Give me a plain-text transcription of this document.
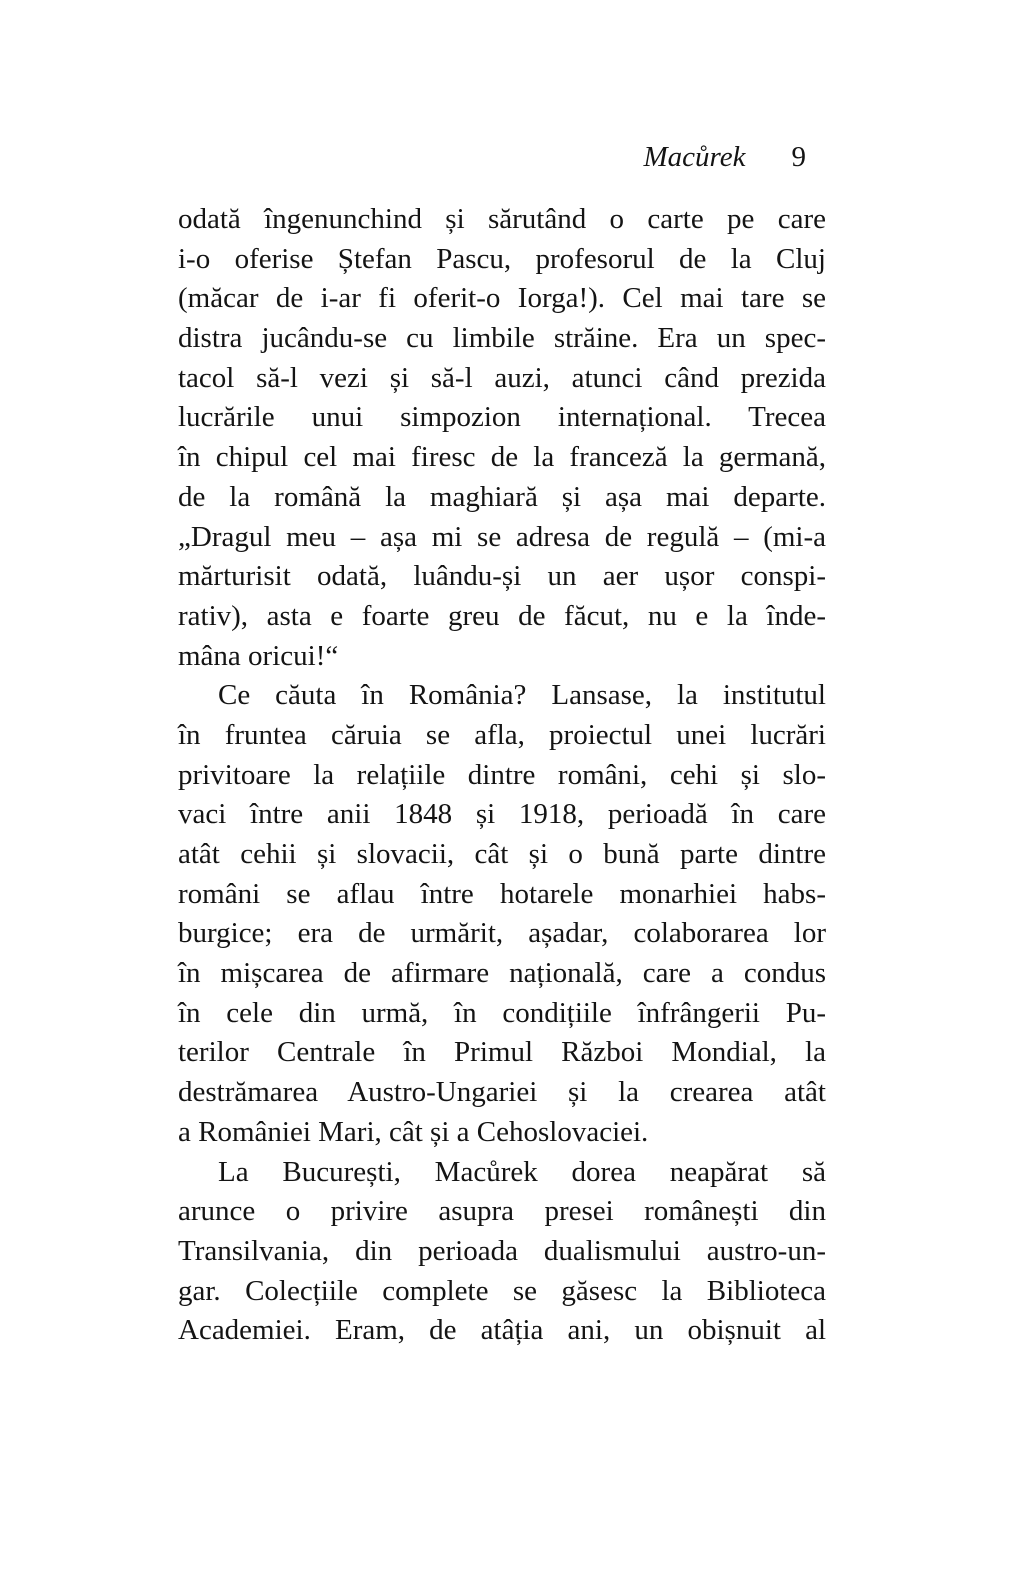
Macůrek 9
odată îngenunchind și sărutând o carte pe care
i-o oferise Ștefan Pascu, profesorul de la Cluj
(măcar de i-ar fi oferit-o Iorga!). Cel mai tare se
distra jucându-se cu limbile străine. Era un spec-
tacol să-l vezi și să-l auzi, atunci când prezida
lucrările unui simpozion internațional. Trecea
în chipul cel mai firesc de la franceză la germană,
de la română la maghiară și așa mai departe.
„Dragul meu – așa mi se adresa de regulă – (mi-a
mărturisit odată, luându-și un aer ușor conspi-
rativ), asta e foarte greu de făcut, nu e la înde-
mâna oricui!“
Ce căuta în România? Lansase, la institutul
în fruntea căruia se afla, proiectul unei lucrări
privitoare la relațiile dintre români, cehi și slo-
vaci între anii 1848 și 1918, perioadă în care
atât cehii și slovacii, cât și o bună parte dintre
români se aflau între hotarele monarhiei habs-
burgice; era de urmărit, așadar, colaborarea lor
în mișcarea de afirmare națională, care a condus
în cele din urmă, în condițiile înfrângerii Pu-
terilor Centrale în Primul Război Mondial, la
destrămarea Austro-Ungariei și la crearea atât
a României Mari, cât și a Cehoslovaciei.
La București, Macůrek dorea neapărat să
arunce o privire asupra presei românești din
Transilvania, din perioada dualismului austro-un-
gar. Colecțiile complete se găsesc la Biblioteca
Academiei. Eram, de atâția ani, un obișnuit al
